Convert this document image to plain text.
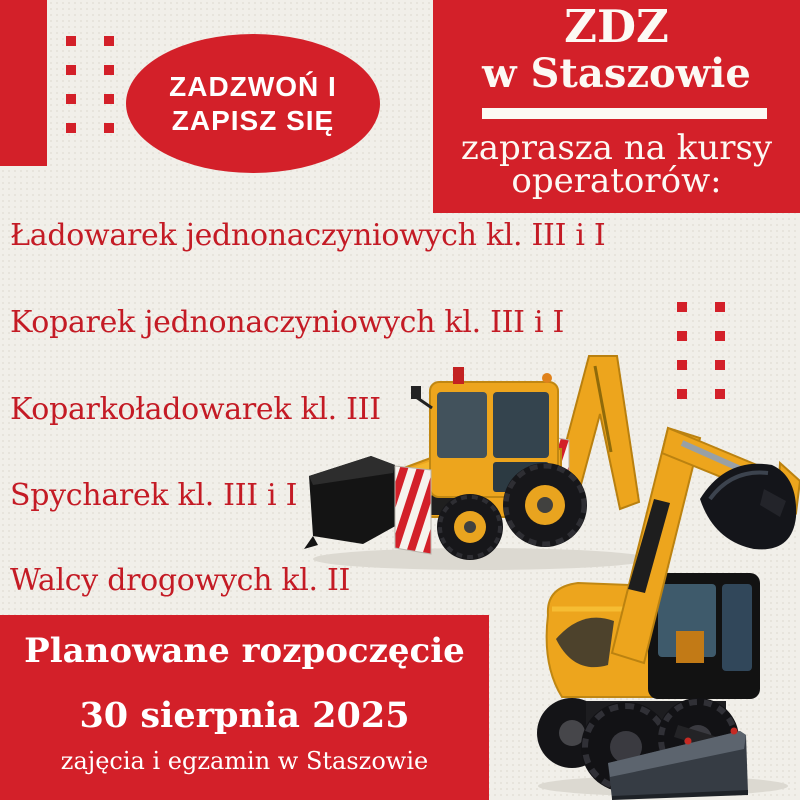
ZADZWOŃ I
ZAPISZ SIĘ
ZDZ
w Staszowie
zaprasza na kursy
operatorów:
Ładowarek jednonaczyniowych kl. III i I
Koparek jednonaczyniowych kl. III i I
Koparkoładowarek kl. III
Spycharek kl. III i I
Walcy drogowych kl. II
Planowane rozpoczęcie
30 sierpnia 2025
zajęcia i egzamin w Staszowie
